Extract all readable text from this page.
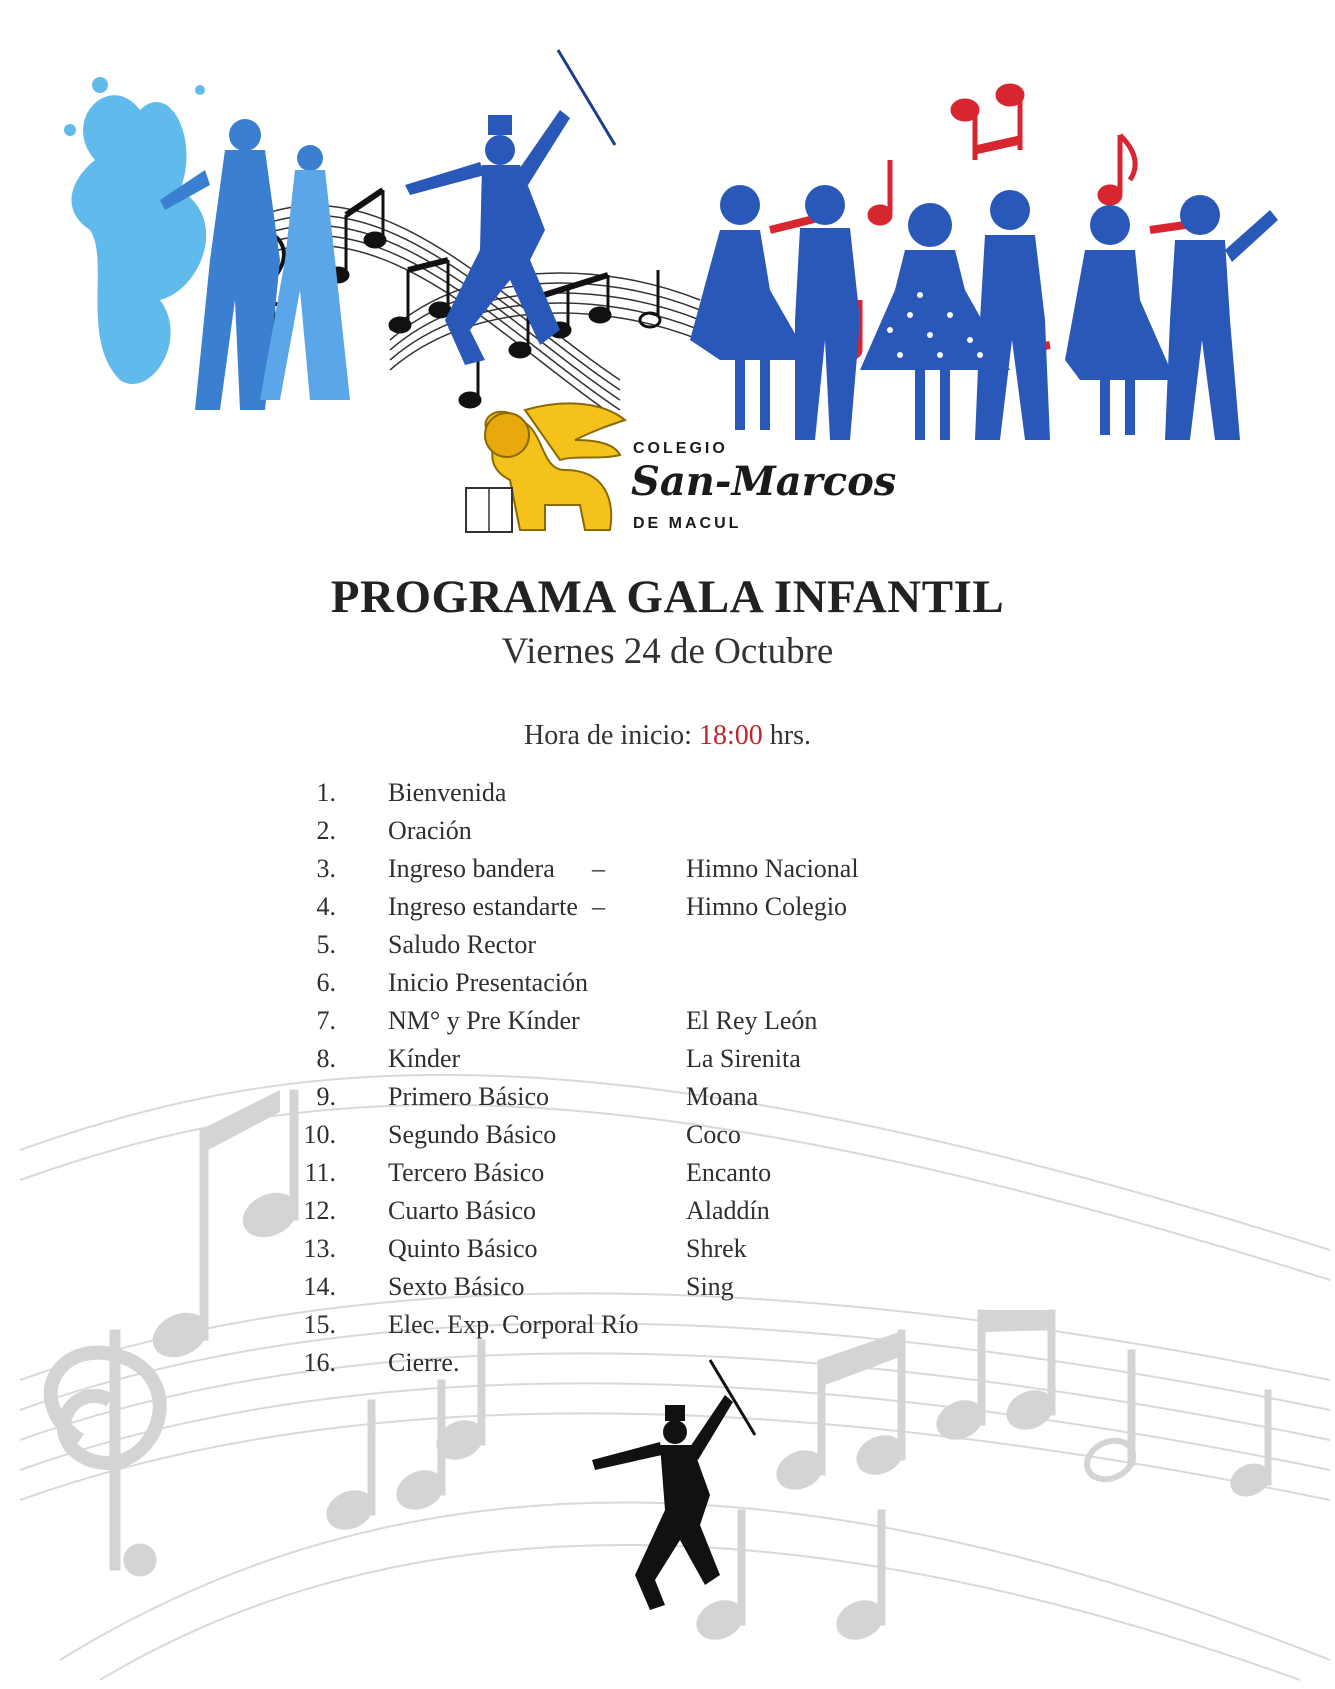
COLEGIO
San-Marcos
DE MACUL
PROGRAMA GALA INFANTIL
Viernes 24 de Octubre
Hora de inicio: 18:00 hrs.
1. Bienvenida
2. Oración
3. Ingreso bandera –	Himno Nacional
4. Ingreso estandarte –	Himno Colegio
5. Saludo Rector
6. Inicio Presentación
7. NM° y Pre Kínder	El Rey León
8. Kínder	La Sirenita
9. Primero Básico	Moana
10. Segundo Básico	Coco
11. Tercero Básico	Encanto
12. Cuarto Básico	Aladdín
13. Quinto Básico	Shrek
14. Sexto Básico	Sing
15. Elec. Exp. Corporal Río
16. Cierre.
